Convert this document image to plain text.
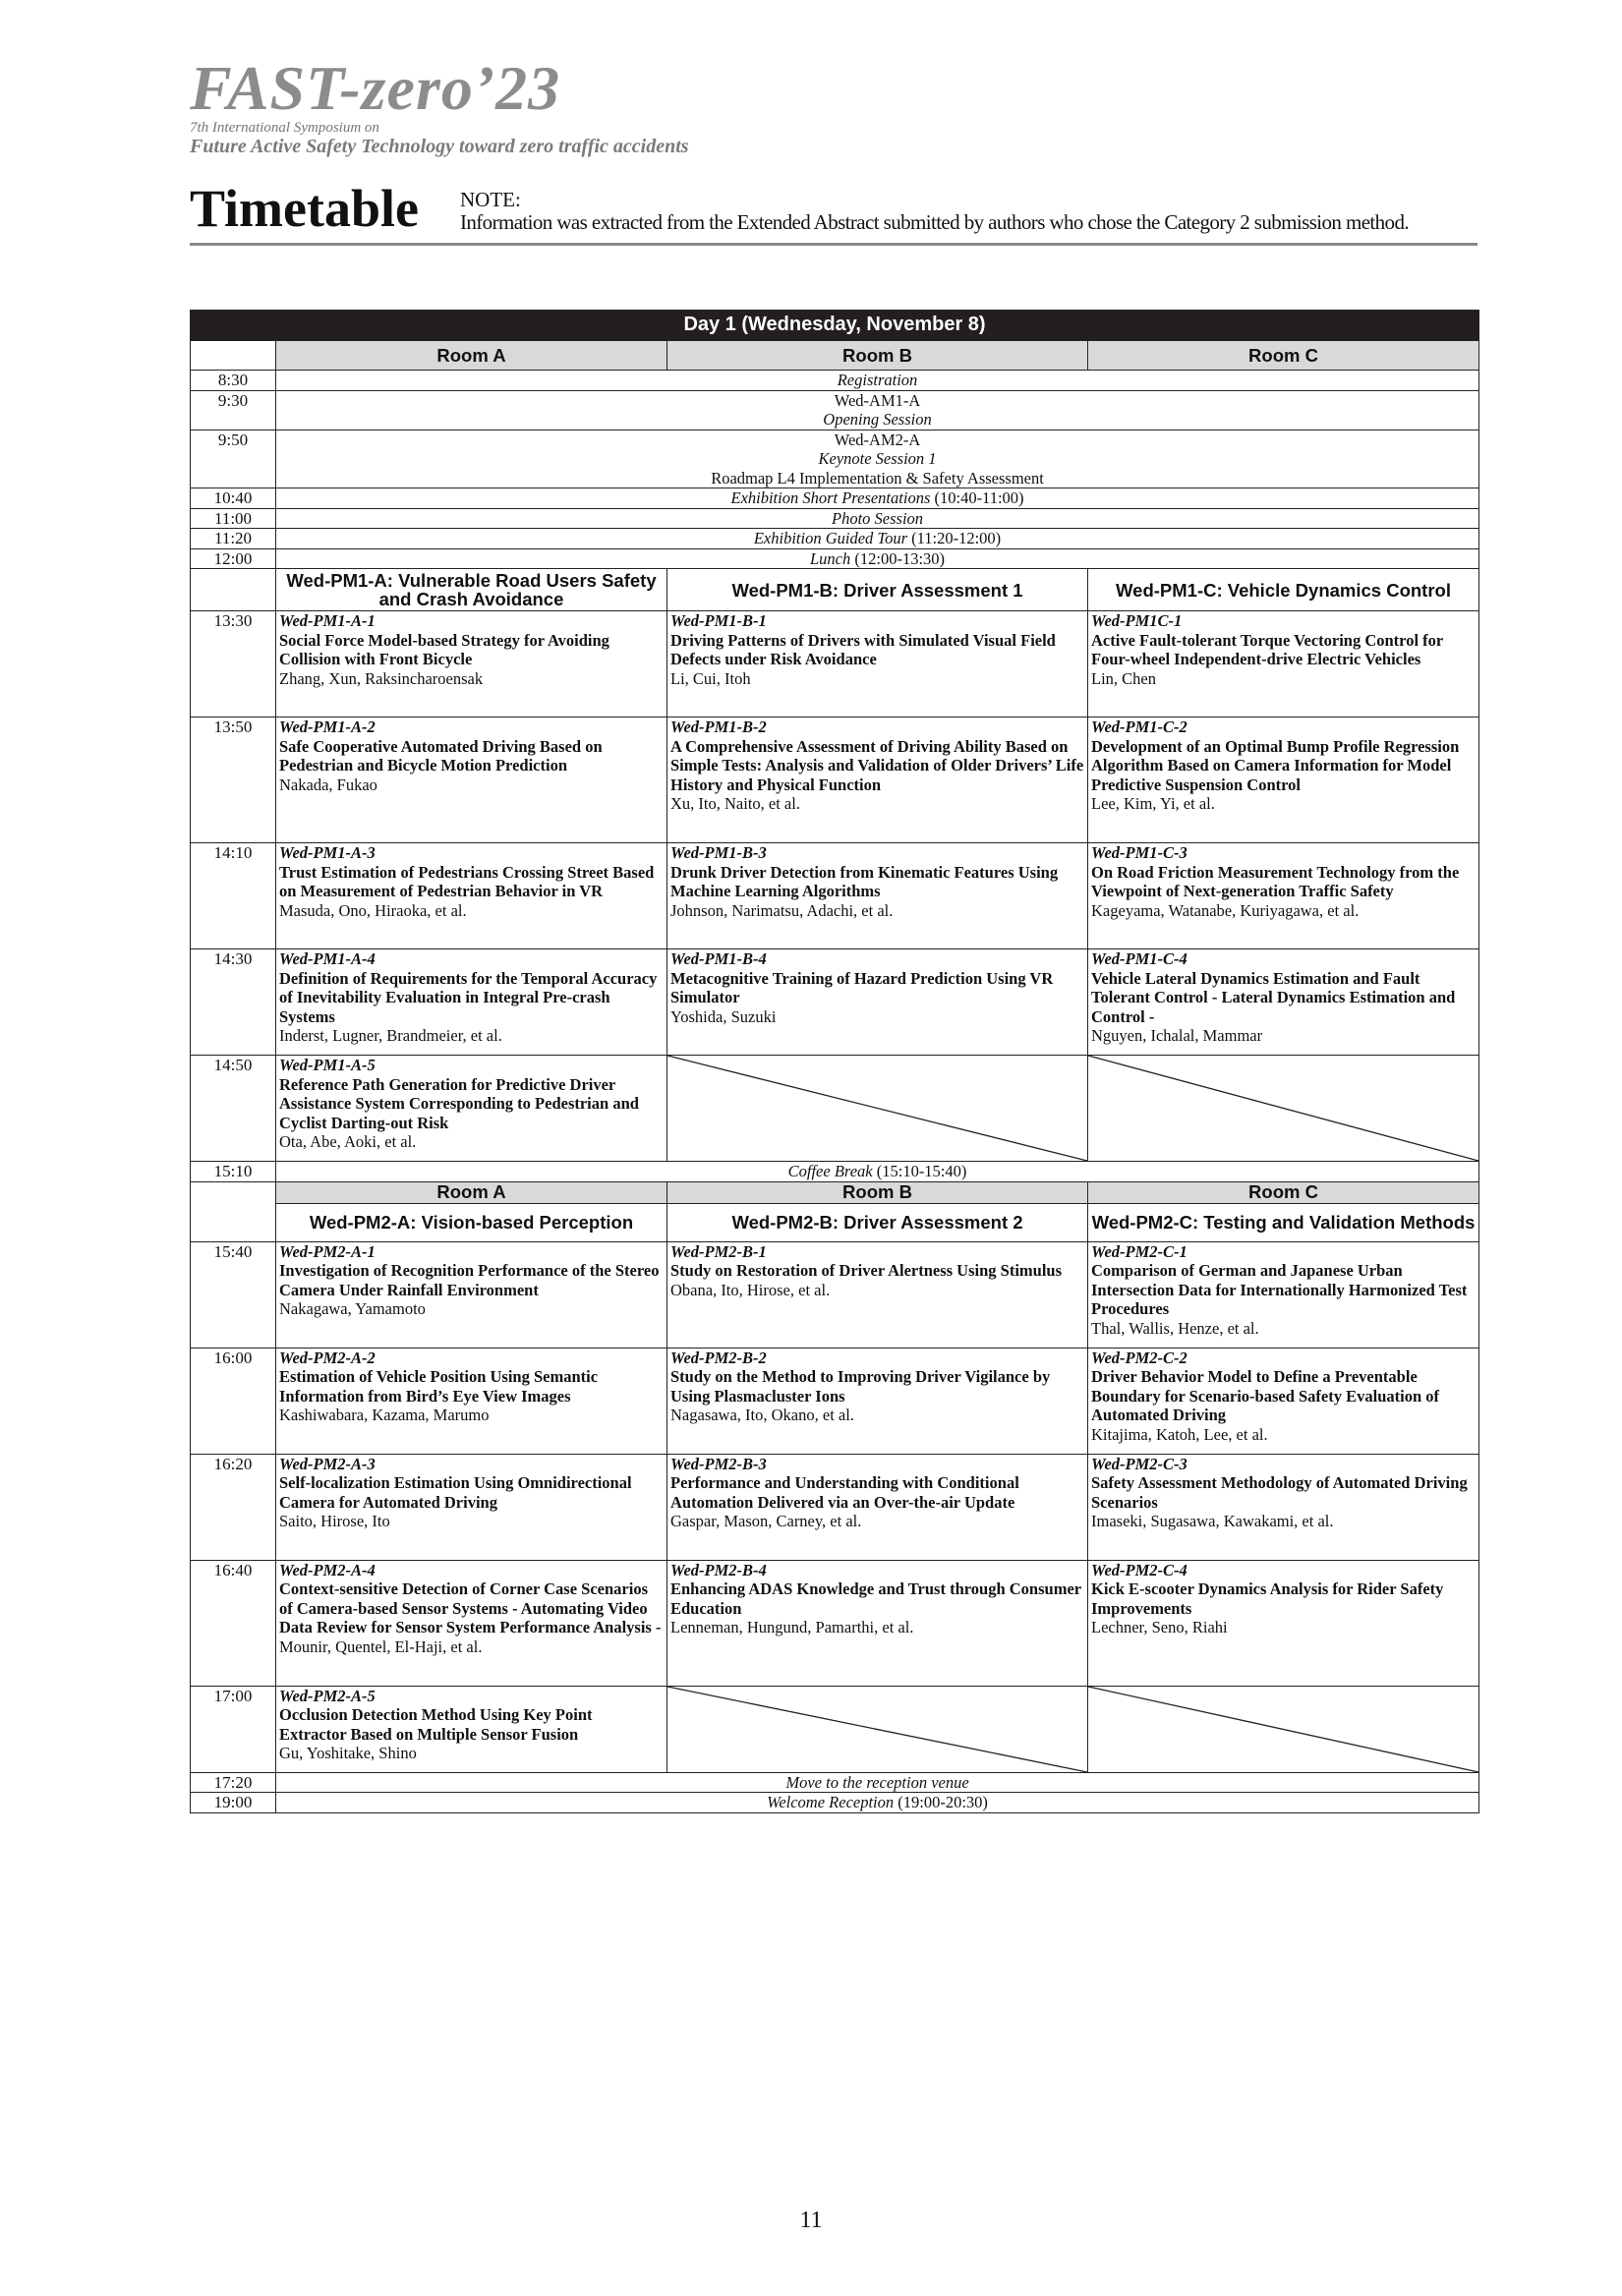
FAST-zero’23
7th International Symposium on
Future Active Safety Technology toward zero traffic accidents
Timetable NOTE:
Information was extracted from the Extended Abstract submitted by authors who chose the Category 2 submission method.
Day 1 (Wednesday, November 8)			
	Room A	Room B	Room C
8:30	Registration		

9:30	Wed-AM1-A
Opening Session		

9:50	Wed-AM2-A
Keynote Session 1
Roadmap L4 Implementation & Safety Assessment		

10:40	Exhibition Short Presentations (10:40-11:00)		

11:00	Photo Session		

11:20	Exhibition Guided Tour (11:20-12:00)		

12:00	Lunch (12:00-13:30)		

	Wed-PM1-A: Vulnerable Road Users Safety and Crash Avoidance	Wed-PM1-B: Driver Assessment 1	Wed-PM1-C: Vehicle Dynamics Control
13:30	Wed-PM1-A-1
Social Force Model-based Strategy for Avoiding Collision with Front Bicycle
Zhang, Xun, Raksincharoensak	Wed-PM1-B-1
Driving Patterns of Drivers with Simulated Visual Field Defects under Risk Avoidance
Li, Cui, Itoh	Wed-PM1C-1
Active Fault-tolerant Torque Vectoring Control for Four-wheel Independent-drive Electric Vehicles
Lin, Chen

13:50	Wed-PM1-A-2
Safe Cooperative Automated Driving Based on Pedestrian and Bicycle Motion Prediction
Nakada, Fukao	Wed-PM1-B-2
A Comprehensive Assessment of Driving Ability Based on Simple Tests: Analysis and Validation of Older Drivers’ Life History and Physical Function
Xu, Ito, Naito, et al.	Wed-PM1-C-2
Development of an Optimal Bump Profile Regression Algorithm Based on Camera Information for Model Predictive Suspension Control
Lee, Kim, Yi, et al.

14:10	Wed-PM1-A-3
Trust Estimation of Pedestrians Crossing Street Based on Measurement of Pedestrian Behavior in VR
Masuda, Ono, Hiraoka, et al.	Wed-PM1-B-3
Drunk Driver Detection from Kinematic Features Using Machine Learning Algorithms
Johnson, Narimatsu, Adachi, et al.	Wed-PM1-C-3
On Road Friction Measurement Technology from the Viewpoint of Next-generation Traffic Safety
Kageyama, Watanabe, Kuriyagawa, et al.

14:30	Wed-PM1-A-4
Definition of Requirements for the Temporal Accuracy of Inevitability Evaluation in Integral Pre-crash Systems
Inderst, Lugner, Brandmeier, et al.	Wed-PM1-B-4
Metacognitive Training of Hazard Prediction Using VR Simulator
Yoshida, Suzuki	Wed-PM1-C-4
Vehicle Lateral Dynamics Estimation and Fault Tolerant Control - Lateral Dynamics Estimation and Control -
Nguyen, Ichalal, Mammar

14:50	Wed-PM1-A-5
Reference Path Generation for Predictive Driver Assistance System Corresponding to Pedestrian and Cyclist Darting-out Risk
Ota, Abe, Aoki, et al.

15:10	Coffee Break (15:10-15:40)		
	Room A	Room B	Room C
	Wed-PM2-A: Vision-based Perception	Wed-PM2-B: Driver Assessment 2	Wed-PM2-C: Testing and Validation Methods
15:40	Wed-PM2-A-1
Investigation of Recognition Performance of the Stereo Camera Under Rainfall Environment
Nakagawa, Yamamoto	Wed-PM2-B-1
Study on Restoration of Driver Alertness Using Stimulus
Obana, Ito, Hirose, et al.	Wed-PM2-C-1
Comparison of German and Japanese Urban Intersection Data for Internationally Harmonized Test Procedures
Thal, Wallis, Henze, et al.

16:00	Wed-PM2-A-2
Estimation of Vehicle Position Using Semantic Information from Bird’s Eye View Images
Kashiwabara, Kazama, Marumo	Wed-PM2-B-2
Study on the Method to Improving Driver Vigilance by Using Plasmacluster Ions
Nagasawa, Ito, Okano, et al.	Wed-PM2-C-2
Driver Behavior Model to Define a Preventable Boundary for Scenario-based Safety Evaluation of Automated Driving
Kitajima, Katoh, Lee, et al.

16:20	Wed-PM2-A-3
Self-localization Estimation Using Omnidirectional Camera for Automated Driving
Saito, Hirose, Ito	Wed-PM2-B-3
Performance and Understanding with Conditional Automation Delivered via an Over-the-air Update
Gaspar, Mason, Carney, et al.	Wed-PM2-C-3
Safety Assessment Methodology of Automated Driving Scenarios
Imaseki, Sugasawa, Kawakami, et al.

16:40	Wed-PM2-A-4
Context-sensitive Detection of Corner Case Scenarios of Camera-based Sensor Systems - Automating Video Data Review for Sensor System Performance Analysis -
Mounir, Quentel, El-Haji, et al.	Wed-PM2-B-4
Enhancing ADAS Knowledge and Trust through Consumer Education
Lenneman, Hungund, Pamarthi, et al.	Wed-PM2-C-4
Kick E-scooter Dynamics Analysis for Rider Safety Improvements
Lechner, Seno, Riahi

17:00	Wed-PM2-A-5
Occlusion Detection Method Using Key Point Extractor Based on Multiple Sensor Fusion
Gu, Yoshitake, Shino

17:20	Move to the reception venue		

19:00	Welcome Reception (19:00-20:30)		
11
